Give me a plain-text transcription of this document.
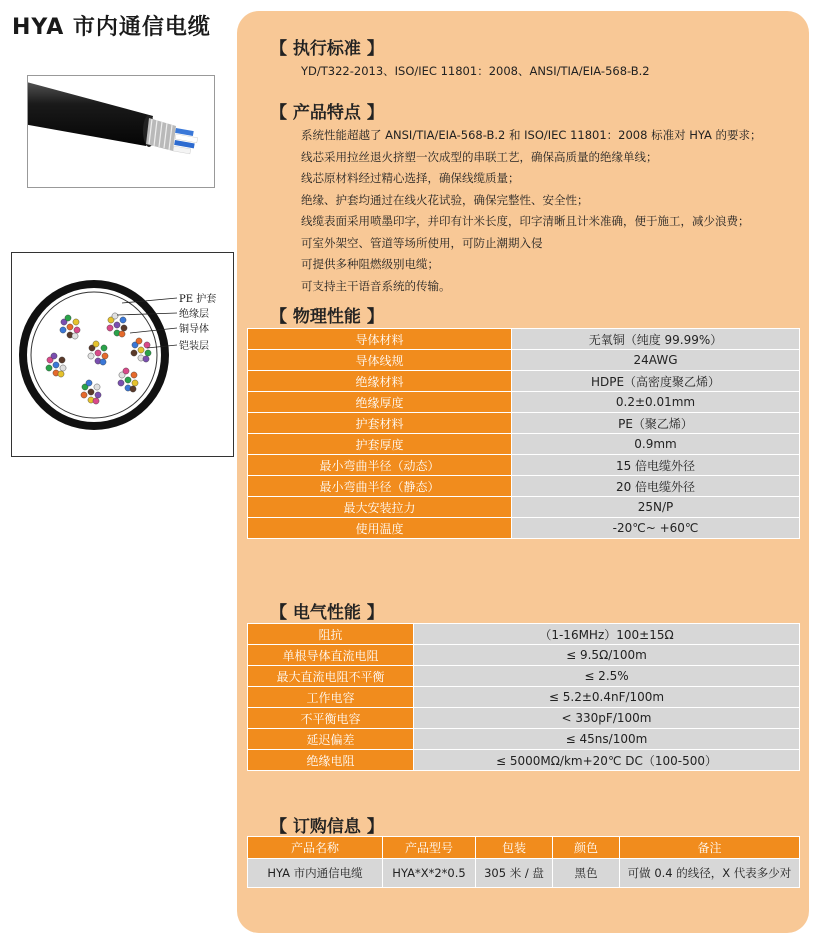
HYA 市内通信电缆
PE 护套
绝缘层
铜导体
铠装层
【 执行标准 】
YD/T322-2013、ISO/IEC 11801：2008、ANSI/TIA/EIA-568-B.2
【 产品特点 】
系统性能超越了 ANSI/TIA/EIA-568-B.2 和 ISO/IEC 11801：2008 标准对 HYA 的要求；
线芯采用拉丝退火挤塑一次成型的串联工艺，确保高质量的绝缘单线；
线芯原材料经过精心选择，确保线缆质量；
绝缘、护套均通过在线火花试验，确保完整性、安全性；
线缆表面采用喷墨印字，并印有计米长度，印字清晰且计米准确，便于施工，减少浪费；
可室外架空、管道等场所使用，可防止潮期入侵
可提供多种阻燃级别电缆；
可支持主干语音系统的传输。
【 物理性能 】
导体材料	无氧铜（纯度 99.99%）
导体线规	24AWG
绝缘材料	HDPE（高密度聚乙烯）
绝缘厚度	0.2±0.01mm
护套材料	PE（聚乙烯）
护套厚度	0.9mm
最小弯曲半径（动态）	15 倍电缆外径
最小弯曲半径（静态）	20 倍电缆外径
最大安装拉力	25N/P
使用温度	-20℃~ +60℃
【 电气性能 】
阻抗	（1-16MHz）100±15Ω
单根导体直流电阻	≤ 9.5Ω/100m
最大直流电阻不平衡	≤ 2.5%
工作电容	≤ 5.2±0.4nF/100m
不平衡电容	< 330pF/100m
延迟偏差	≤ 45ns/100m
绝缘电阻	≤ 5000MΩ/km+20℃ DC（100-500）
【 订购信息 】
产品名称	产品型号	包装	颜色	备注
HYA 市内通信电缆	HYA*X*2*0.5	305 米 / 盘	黑色	可做 0.4 的线径，X 代表多少对
